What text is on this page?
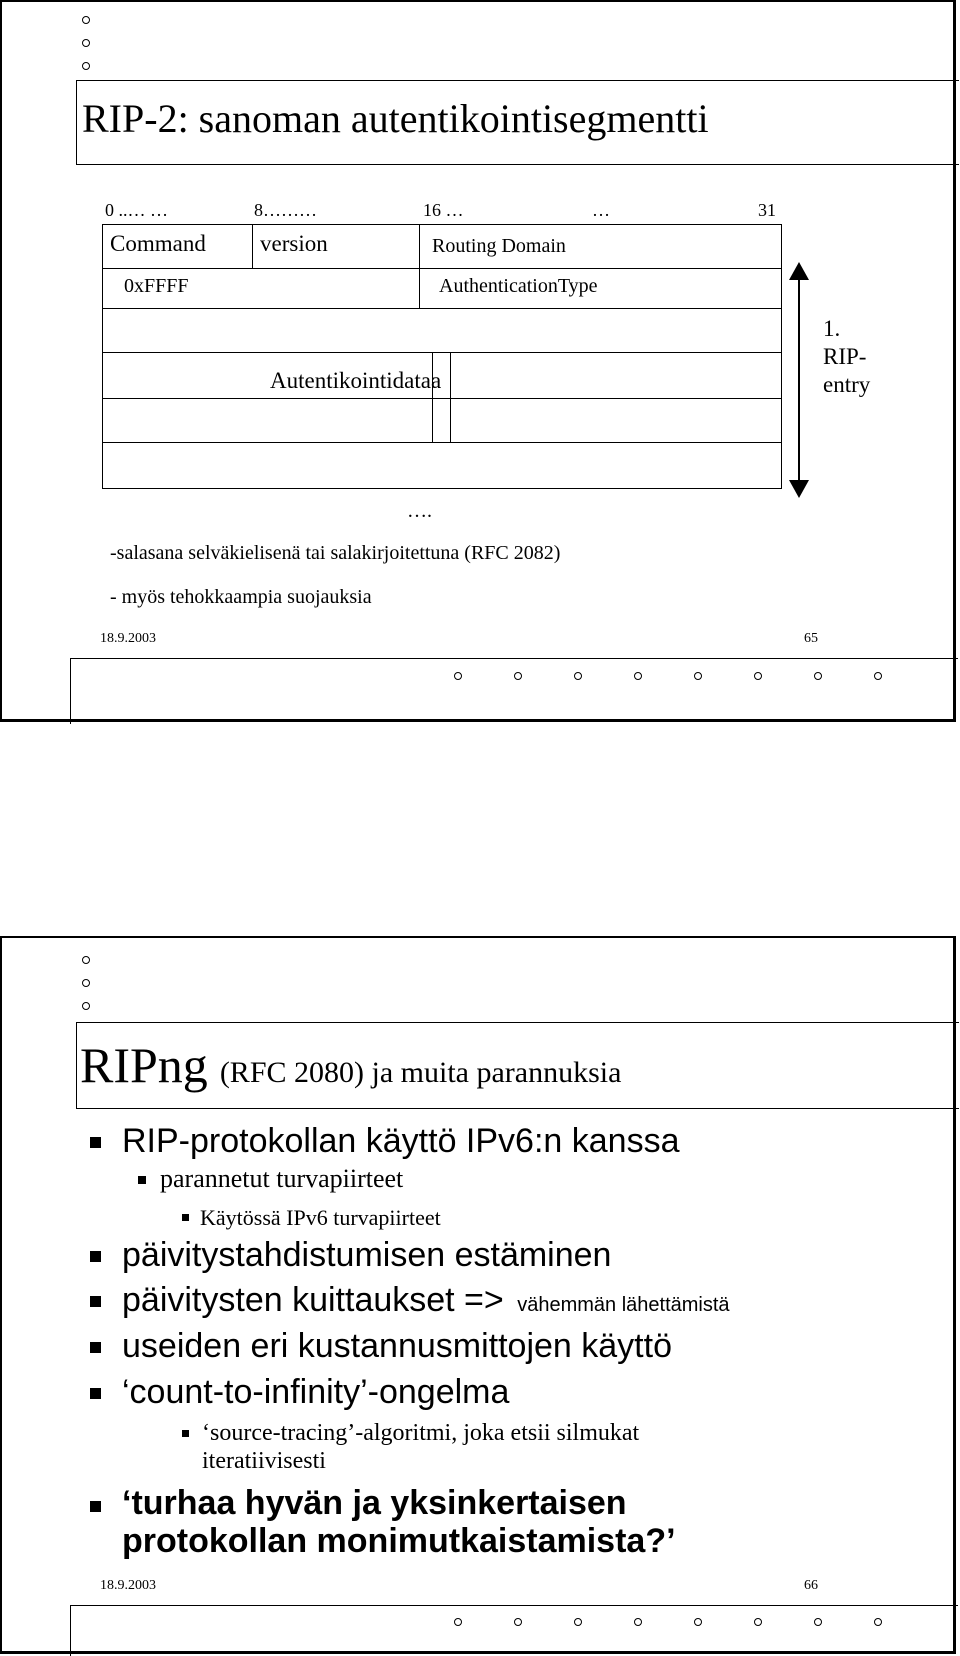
RIP-2: sanoman autentikointisegmentti
0 ..… …	8………	16 …	…	31
Command version	Routing Domain
0xFFFF	AuthenticationType
Autentikointidataa
1.
RIP-
entry
….
-salasana selväkielisenä tai salakirjoitettuna (RFC 2082)
- myös tehokkaampia suojauksia
18.9.2003	65
RIPng (RFC 2080) ja muita parannuksia
RIP-protokollan käyttö IPv6:n kanssa
parannetut turvapiirteet
Käytössä IPv6 turvapiirteet
päivitystahdistumisen estäminen
päivitysten kuittaukset => vähemmän lähettämistä
useiden eri kustannusmittojen käyttö
‘count-to-infinity’-ongelma
‘source-tracing’-algoritmi, joka etsii silmukat
iteratiivisesti
‘turhaa hyvän ja yksinkertaisen
protokollan monimutkaistamista?’
18.9.2003	66
